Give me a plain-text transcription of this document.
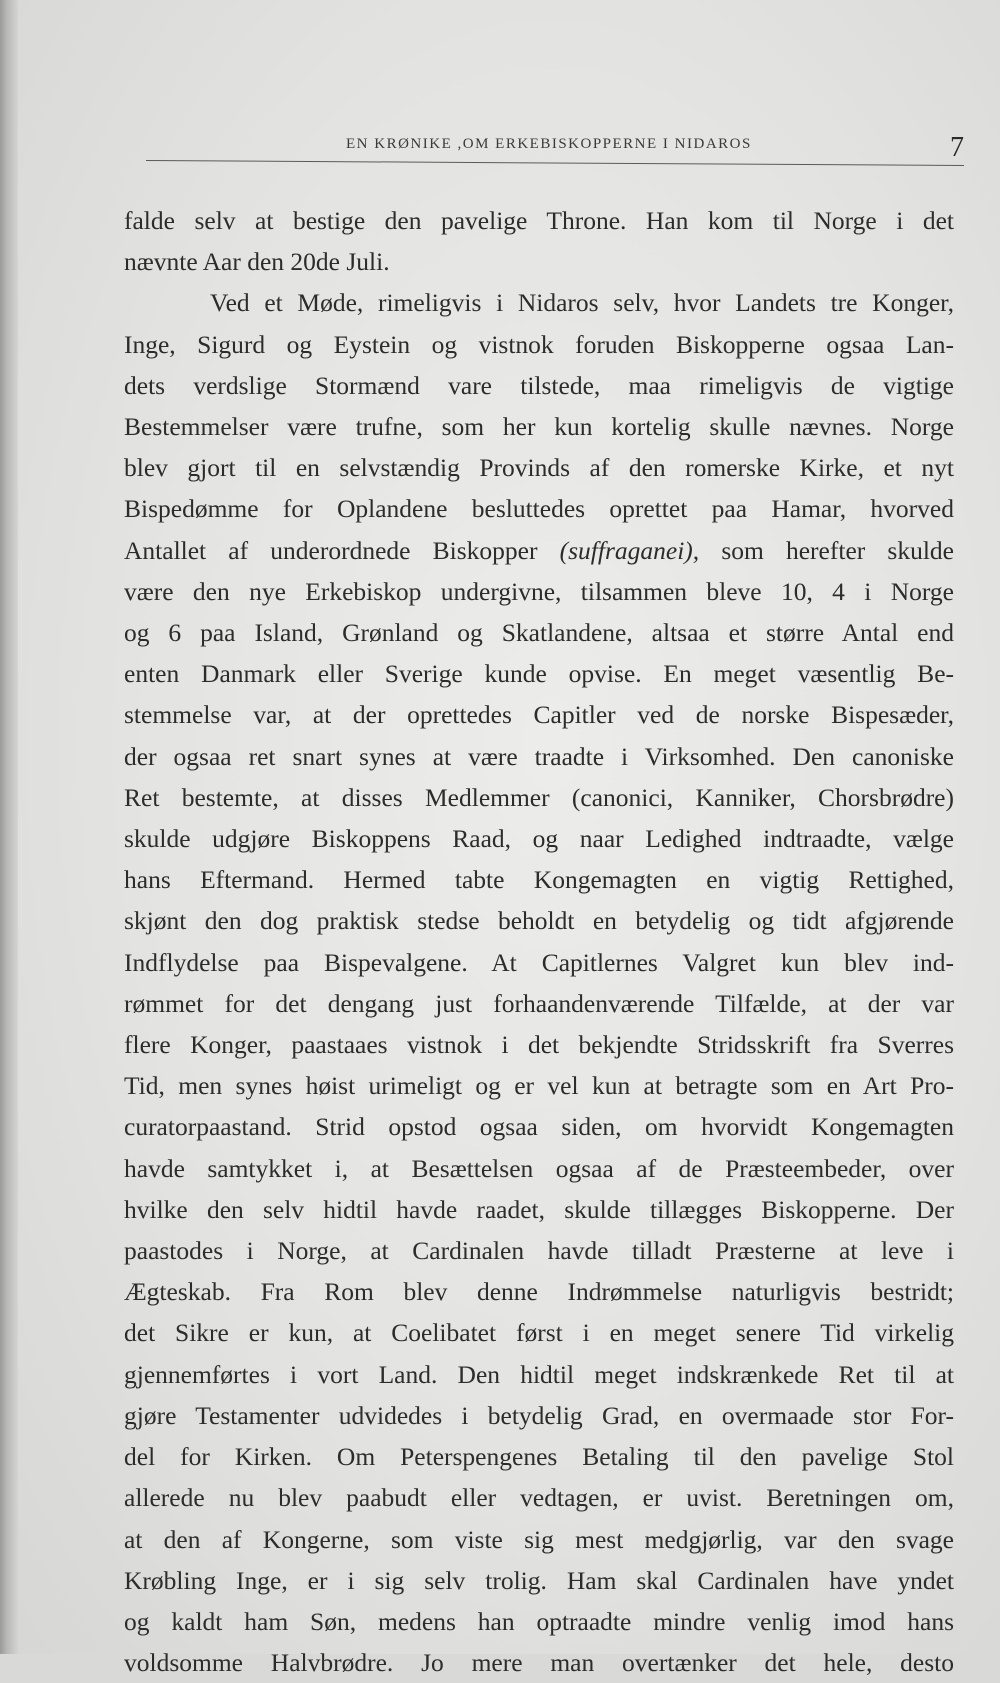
EN KRØNIKE ,OM ERKEBISKOPPERNE I NIDAROS	7
falde selv at bestige den pavelige Throne. Han kom til Norge i det
nævnte Aar den 20de Juli.
Ved et Møde, rimeligvis i Nidaros selv, hvor Landets tre Konger,
Inge, Sigurd og Eystein og vistnok foruden Biskopperne ogsaa Lan-
dets verdslige Stormænd vare tilstede, maa rimeligvis de vigtige
Bestemmelser være trufne, som her kun kortelig skulle nævnes. Norge
blev gjort til en selvstændig Provinds af den romerske Kirke, et nyt
Bispedømme for Oplandene besluttedes oprettet paa Hamar, hvorved
Antallet af underordnede Biskopper (suffraganei), som herefter skulde
være den nye Erkebiskop undergivne, tilsammen bleve 10, 4 i Norge
og 6 paa Island, Grønland og Skatlandene, altsaa et større Antal end
enten Danmark eller Sverige kunde opvise. En meget væsentlig Be-
stemmelse var, at der oprettedes Capitler ved de norske Bispesæder,
der ogsaa ret snart synes at være traadte i Virksomhed. Den canoniske
Ret bestemte, at disses Medlemmer (canonici, Kanniker, Chorsbrødre)
skulde udgjøre Biskoppens Raad, og naar Ledighed indtraadte, vælge
hans Eftermand. Hermed tabte Kongemagten en vigtig Rettighed,
skjønt den dog praktisk stedse beholdt en betydelig og tidt afgjørende
Indflydelse paa Bispevalgene. At Capitlernes Valgret kun blev ind-
rømmet for det dengang just forhaandenværende Tilfælde, at der var
flere Konger, paastaaes vistnok i det bekjendte Stridsskrift fra Sverres
Tid, men synes høist urimeligt og er vel kun at betragte som en Art Pro-
curatorpaastand. Strid opstod ogsaa siden, om hvorvidt Kongemagten
havde samtykket i, at Besættelsen ogsaa af de Præsteembeder, over
hvilke den selv hidtil havde raadet, skulde tillægges Biskopperne. Der
paastodes i Norge, at Cardinalen havde tilladt Præsterne at leve i
Ægteskab. Fra Rom blev denne Indrømmelse naturligvis bestridt;
det Sikre er kun, at Coelibatet først i en meget senere Tid virkelig
gjennemførtes i vort Land. Den hidtil meget indskrænkede Ret til at
gjøre Testamenter udvidedes i betydelig Grad, en overmaade stor For-
del for Kirken. Om Peterspengenes Betaling til den pavelige Stol
allerede nu blev paabudt eller vedtagen, er uvist. Beretningen om,
at den af Kongerne, som viste sig mest medgjørlig, var den svage
Krøbling Inge, er i sig selv trolig. Ham skal Cardinalen have yndet
og kaldt ham Søn, medens han optraadte mindre venlig imod hans
voldsomme Halvbrødre. Jo mere man overtænker det hele, desto
